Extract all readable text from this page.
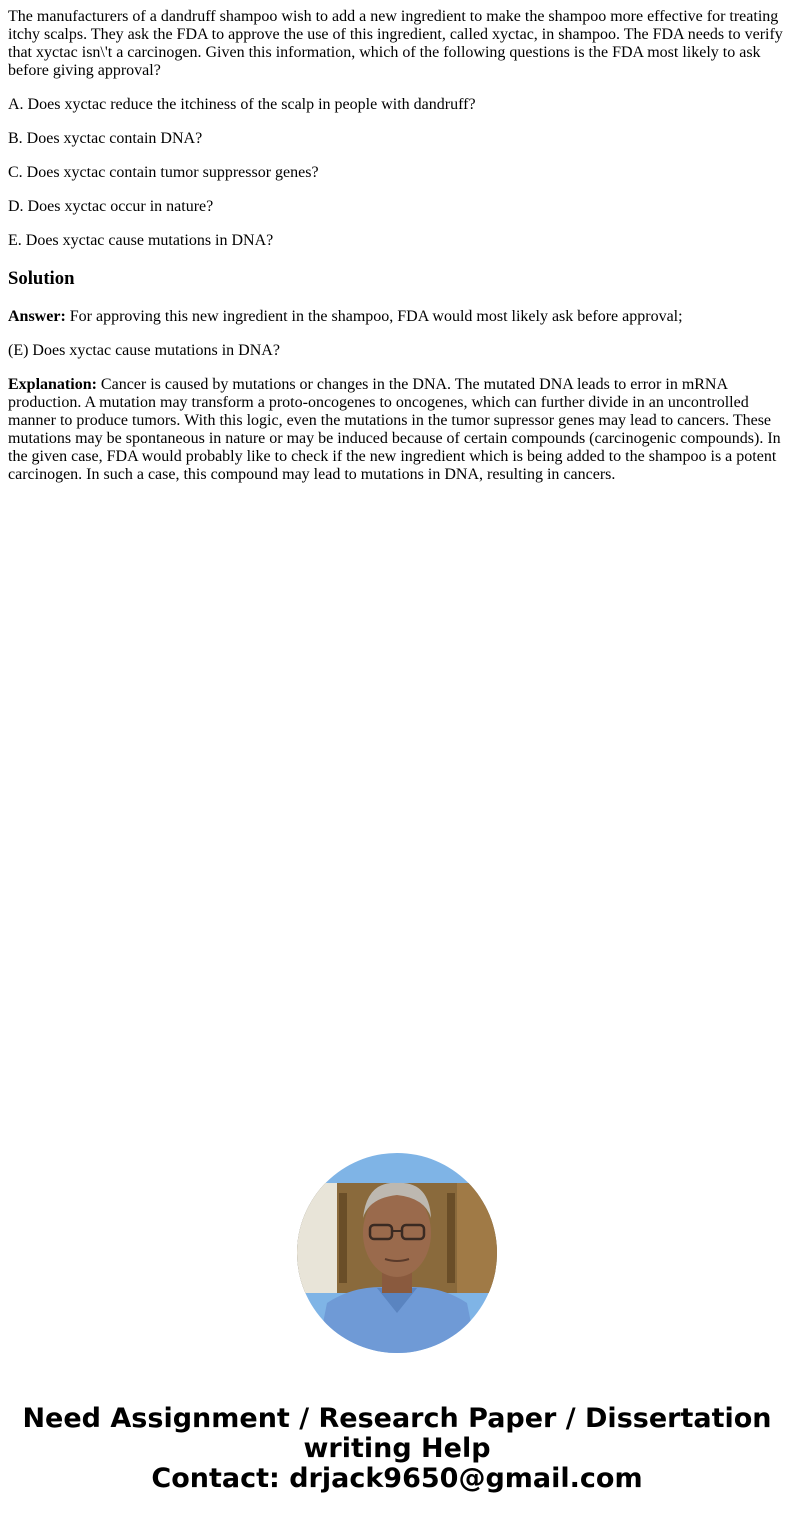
The manufacturers of a dandruff shampoo wish to add a new ingredient to make the shampoo more effective for treating itchy scalps. They ask the FDA to approve the use of this ingredient, called xyctac, in shampoo. The FDA needs to verify that xyctac isn\'t a carcinogen. Given this information, which of the following questions is the FDA most likely to ask before giving approval?

A. Does xyctac reduce the itchiness of the scalp in people with dandruff?
B. Does xyctac contain DNA?
C. Does xyctac contain tumor suppressor genes?
D. Does xyctac occur in nature?
E. Does xyctac cause mutations in DNA?
Solution

Answer: For approving this new ingredient in the shampoo, FDA would most likely ask before approval;

(E) Does xyctac cause mutations in DNA?

Explanation: Cancer is caused by mutations or changes in the DNA. The mutated DNA leads to error in mRNA production. A mutation may transform a proto-oncogenes to oncogenes, which can further divide in an uncontrolled manner to produce tumors. With this logic, even the mutations in the tumor supressor genes may lead to cancers. These mutations may be spontaneous in nature or may be induced because of certain compounds (carcinogenic compounds). In the given case, FDA would probably like to check if the new ingredient which is being added to the shampoo is a potent carcinogen. In such a case, this compound may lead to mutations in DNA, resulting in cancers.

Need Assignment / Research Paper / Dissertation
writing Help
Contact: drjack9650@gmail.com
